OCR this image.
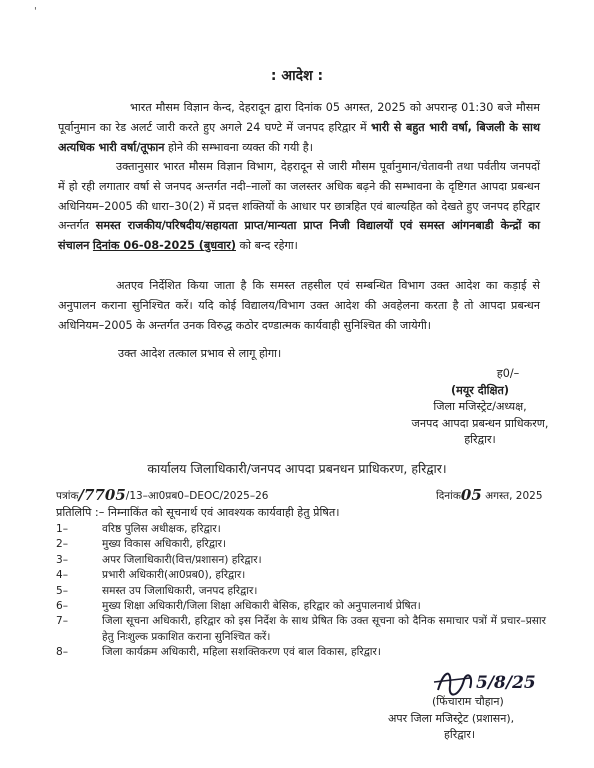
'
: आदेश :
भारत मौसम विज्ञान केन्द, देहरादून द्वारा दिनांक 05 अगस्त, 2025 को अपरान्ह 01:30 बजे मौसम पूर्वानुमान का रेड अलर्ट जारी करते हुए अगले 24 घण्टे में जनपद हरिद्वार में भारी से बहुत भारी वर्षा, बिजली के साथ अत्यधिक भारी वर्षा/तूफान होने की सम्भावना व्यक्त की गयी है।
उक्तानुसार भारत मौसम विज्ञान विभाग, देहरादून से जारी मौसम पूर्वानुमान/चेतावनी तथा पर्वतीय जनपदों में हो रही लगातार वर्षा से जनपद अन्तर्गत नदी–नालों का जलस्तर अधिक बढ़ने की सम्भावना के दृष्टिगत आपदा प्रबन्धन अधिनियम–2005 की धारा–30(2) में प्रदत्त शक्तियों के आधार पर छात्रहित एवं बाल्यहित को देखते हुए जनपद हरिद्वार अन्तर्गत समस्त राजकीय/परिषदीय/सहायता प्राप्त/मान्यता प्राप्त निजी विद्यालयों एवं समस्त आंगनबाडी केन्द्रों का संचालन दिनांक 06-08-2025 (बुधवार) को बन्द रहेगा।
अतएव निर्देशित किया जाता है कि समस्त तहसील एवं सम्बन्धित विभाग उक्त आदेश का कड़ाई से अनुपालन कराना सुनिश्चित करें। यदि कोई विद्यालय/विभाग उक्त आदेश की अवहेलना करता है तो आपदा प्रबन्धन अधिनियम–2005 के अन्तर्गत उनक विरुद्ध कठोर दण्डात्मक कार्यवाही सुनिश्चित की जायेगी।
उक्त आदेश तत्काल प्रभाव से लागू होगा।
ह0/–
(मयूर दीक्षित)
जिला मजिस्ट्रेट/अध्यक्ष,
जनपद आपदा प्रबन्धन प्राधिकरण,
हरिद्वार।
कार्यालय जिलाधिकारी/जनपद आपदा प्रबनधन प्राधिकरण, हरिद्वार।
पत्रांक/7705/13–आ0प्रब0–DEOC/2025–26	दिनांक05 अगस्त, 2025
प्रतिलिपि :– निम्नाकिंत को सूचनार्थ एवं आवश्यक कार्यवाही हेतु प्रेषित।
1–	वरिष्ठ पुलिस अधीक्षक, हरिद्वार।
2–	मुख्य विकास अधिकारी, हरिद्वार।
3–	अपर जिलाधिकारी(वित्त/प्रशासन) हरिद्वार।
4–	प्रभारी अधिकारी(आ0प्रब0), हरिद्वार।
5–	समस्त उप जिलाधिकारी, जनपद हरिद्वार।
6–	मुख्य शिक्षा अधिकारी/जिला शिक्षा अधिकारी बेसिक, हरिद्वार को अनुपालनार्थ प्रेषित।
7–	जिला सूचना अधिकारी, हरिद्वार को इस निर्देश के साथ प्रेषित कि उक्त सूचना को दैनिक समाचार पत्रों में प्रचार–प्रसार हेतु निःशुल्क प्रकाशित कराना सुनिश्चित करें।
8–	जिला कार्यक्रम अधिकारी, महिला सशक्तिकरण एवं बाल विकास, हरिद्वार।
5/8/25
(फिंचाराम चौहान)
अपर जिला मजिस्ट्रेट (प्रशासन),
हरिद्वार।
